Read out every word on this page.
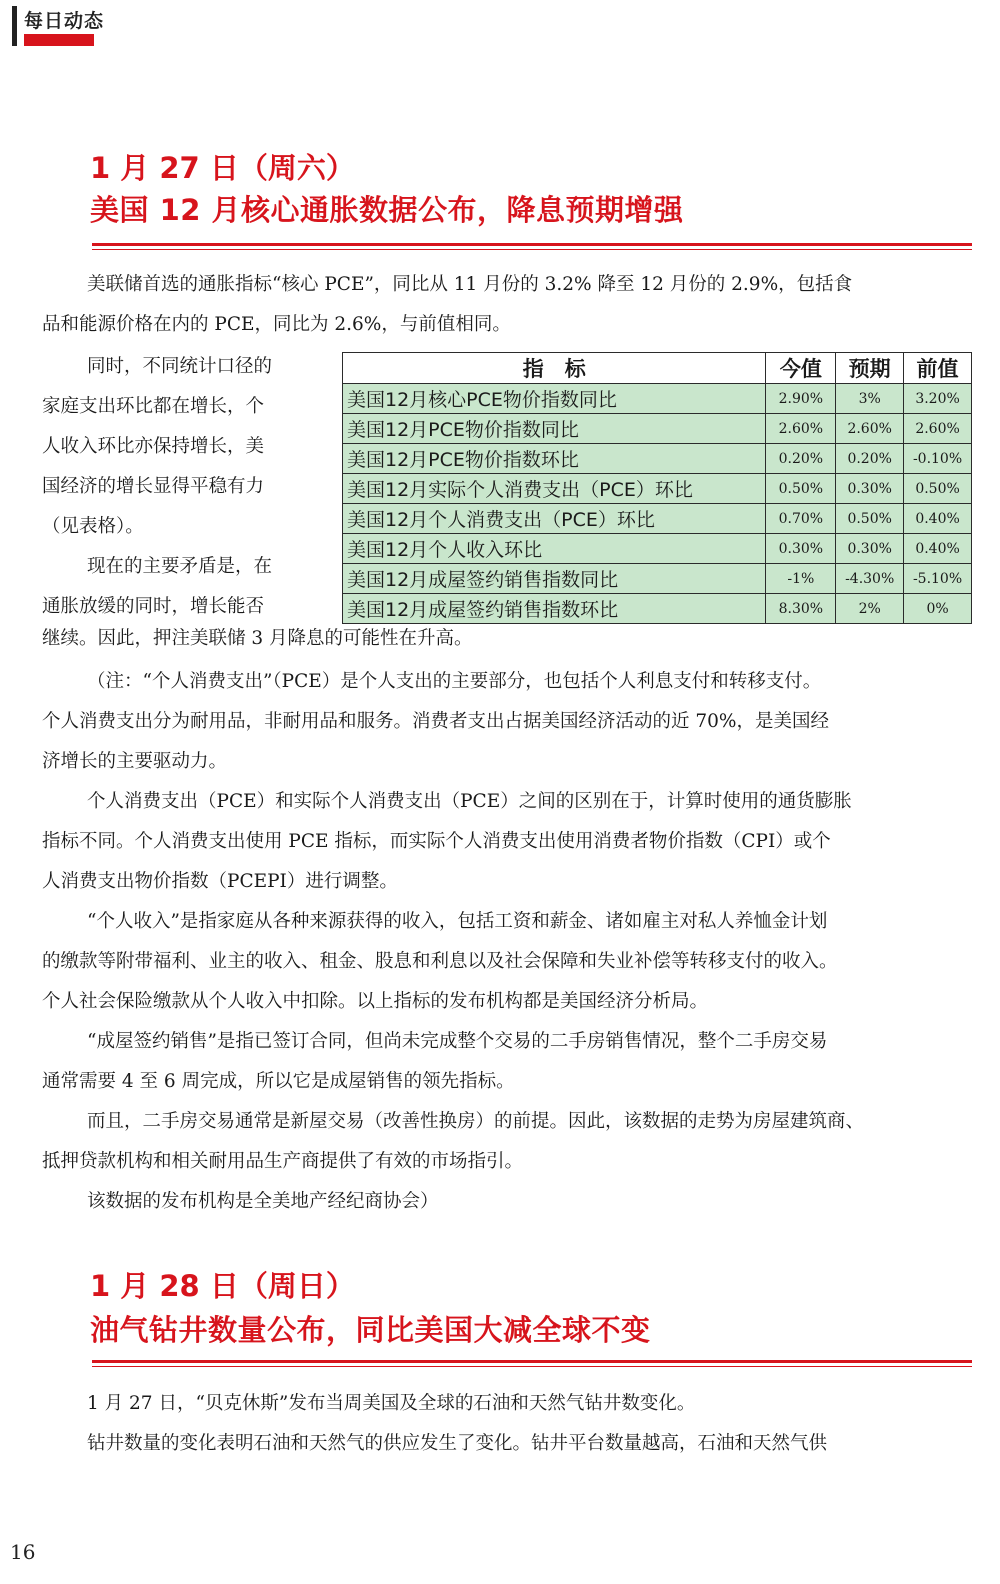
每日动态
1 月 27 日（周六）
美国 12 月核心通胀数据公布，降息预期增强

美联储首选的通胀指标“核心 PCE”，同比从 11 月份的 3.2% 降至 12 月份的 2.9%，包括食

品和能源价格在内的 PCE，同比为 2.6%，与前值相同。

同时，不同统计口径的

家庭支出环比都在增长，个

人收入环比亦保持增长，美

国经济的增长显得平稳有力

（见表格）。

现在的主要矛盾是，在

通胀放缓的同时，增长能否

指　标	今值	预期	前值
美国12月核心PCE物价指数同比	2.90%	3%	3.20%
美国12月PCE物价指数同比	2.60%	2.60%	2.60%
美国12月PCE物价指数环比	0.20%	0.20%	-0.10%
美国12月实际个人消费支出（PCE）环比	0.50%	0.30%	0.50%
美国12月个人消费支出（PCE）环比	0.70%	0.50%	0.40%
美国12月个人收入环比	0.30%	0.30%	0.40%
美国12月成屋签约销售指数同比	-1%	-4.30%	-5.10%
美国12月成屋签约销售指数环比	8.30%	2%	0%

继续。因此，押注美联储 3 月降息的可能性在升高。

（注：“个人消费支出”（PCE）是个人支出的主要部分，也包括个人利息支付和转移支付。

个人消费支出分为耐用品，非耐用品和服务。消费者支出占据美国经济活动的近 70%，是美国经

济增长的主要驱动力。

个人消费支出（PCE）和实际个人消费支出（PCE）之间的区别在于，计算时使用的通货膨胀

指标不同。个人消费支出使用 PCE 指标，而实际个人消费支出使用消费者物价指数（CPI）或个

人消费支出物价指数（PCEPI）进行调整。

“个人收入”是指家庭从各种来源获得的收入，包括工资和薪金、诸如雇主对私人养恤金计划

的缴款等附带福利、业主的收入、租金、股息和利息以及社会保障和失业补偿等转移支付的收入。

个人社会保险缴款从个人收入中扣除。以上指标的发布机构都是美国经济分析局。

“成屋签约销售”是指已签订合同，但尚未完成整个交易的二手房销售情况，整个二手房交易

通常需要 4 至 6 周完成，所以它是成屋销售的领先指标。

而且，二手房交易通常是新屋交易（改善性换房）的前提。因此，该数据的走势为房屋建筑商、

抵押贷款机构和相关耐用品生产商提供了有效的市场指引。

该数据的发布机构是全美地产经纪商协会）

1 月 28 日（周日）
油气钻井数量公布，同比美国大减全球不变

1 月 27 日，“贝克休斯”发布当周美国及全球的石油和天然气钻井数变化。

钻井数量的变化表明石油和天然气的供应发生了变化。钻井平台数量越高，石油和天然气供

16
